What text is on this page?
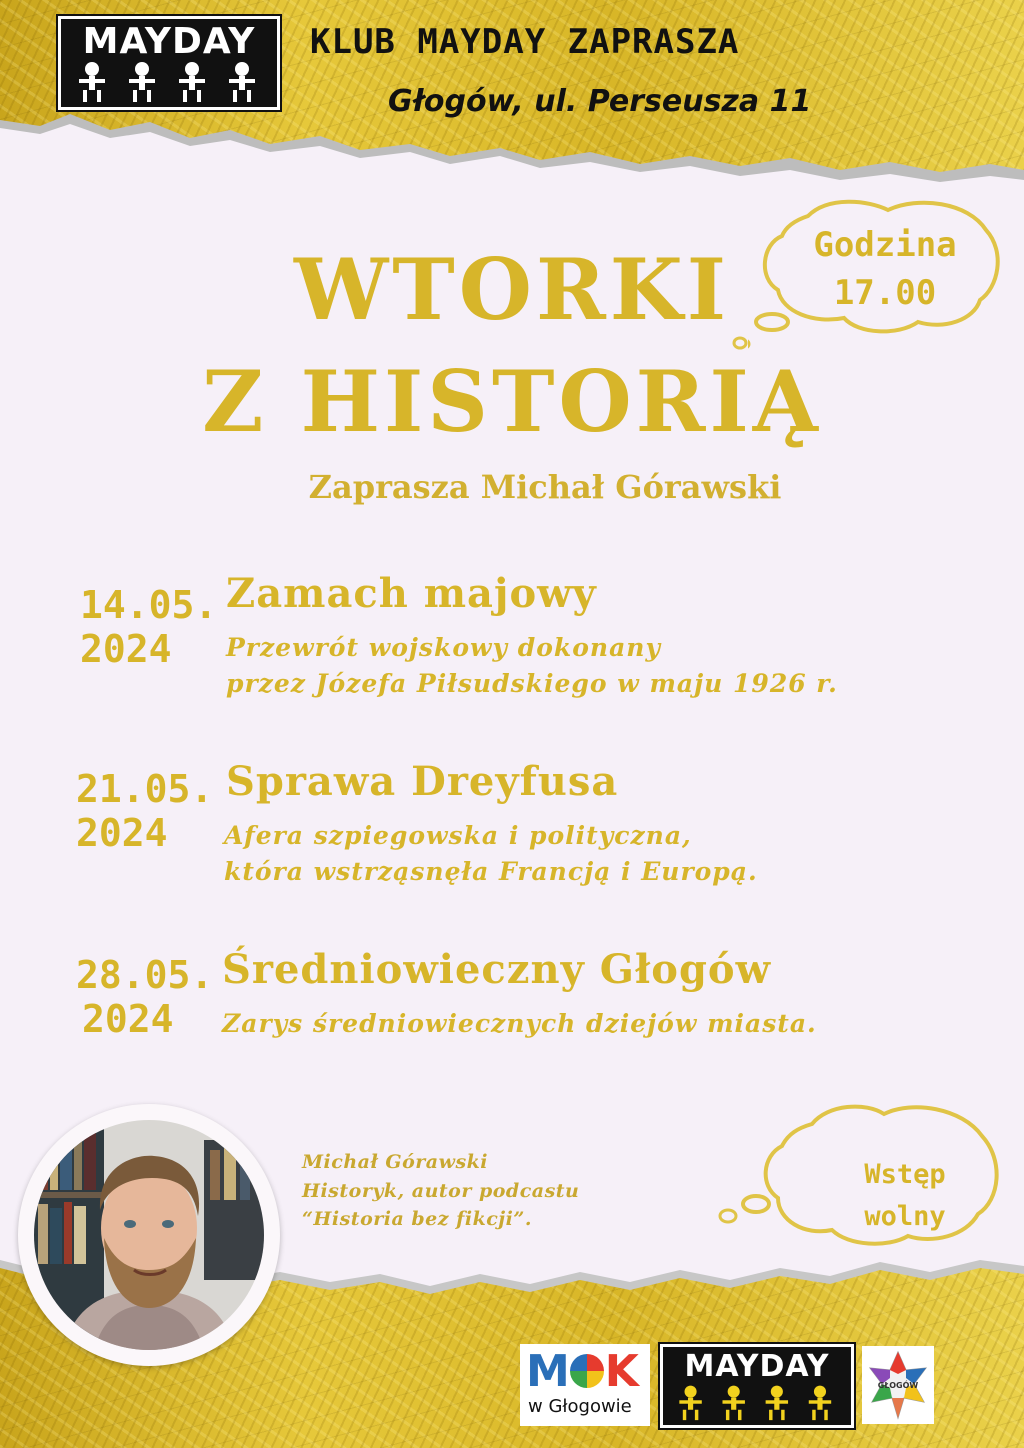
MAYDAY	KLUB MAYDAY ZAPRASZA
Głogów, ul. Perseusza 11
Godzina
17.00
WTORKI
Z HISTORIĄ
Zaprasza Michał Górawski
14.05.
2024
Zamach majowy
Przewrót wojskowy dokonany
przez Józefa Piłsudskiego w maju 1926 r.
21.05.
2024
Sprawa Dreyfusa
Afera szpiegowska i polityczna,
która wstrząsnęła Francją i Europą.
28.05.
2024
Średniowieczny Głogów
Zarys średniowiecznych dziejów miasta.
Wstęp
wolny
Michał Górawski
Historyk, autor podcastu
“Historia bez fikcji”.
M K
w Głogowie
MAYDAY
GŁOGÓW
